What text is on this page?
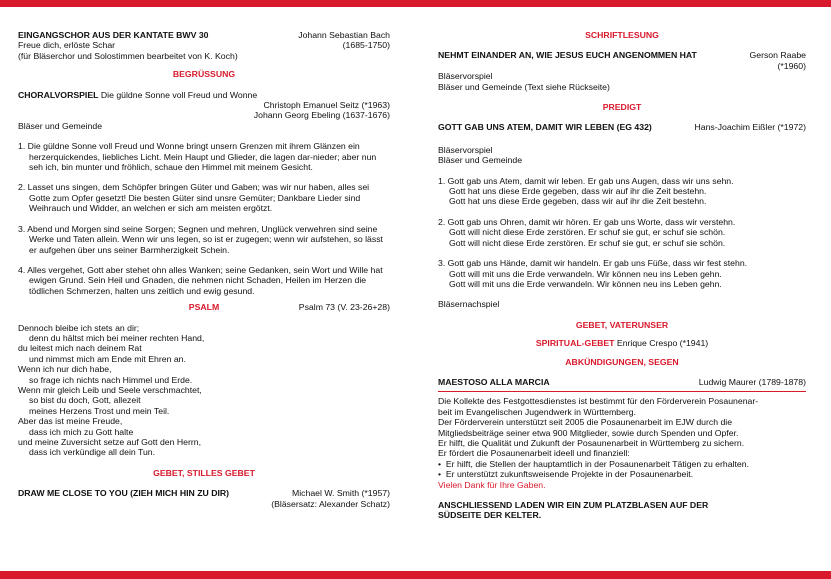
EINGANGSCHOR AUS DER KANTATE BWV 30	Johann Sebastian Bach
Freue dich, erlöste Schar	(1685-1750)
(für Bläserchor und Solostimmen bearbeitet von K. Koch)
BEGRÜSSUNG
CHORALVORSPIEL Die güldne Sonne voll Freud und Wonne
Christoph Emanuel Seitz (*1963)
Johann Georg Ebeling (1637-1676)
Bläser und Gemeinde
1. Die güldne Sonne voll Freud und Wonne bringt unsern Grenzen mit ihrem Glänzen ein herzerquickendes, liebliches Licht. Mein Haupt und Glieder, die lagen dar-nieder; aber nun seh ich, bin munter und fröhlich, schaue den Himmel mit meinem Gesicht.
2. Lasset uns singen, dem Schöpfer bringen Güter und Gaben; was wir nur haben, alles sei Gotte zum Opfer gesetzt! Die besten Güter sind unsre Gemüter; Dankbare Lieder sind Weihrauch und Widder, an welchen er sich am meisten ergötzt.
3. Abend und Morgen sind seine Sorgen; Segnen und mehren, Unglück verwehren sind seine Werke und Taten allein. Wenn wir uns legen, so ist er zugegen; wenn wir aufstehen, so lässt er aufgehen über uns seiner Barmherzigkeit Schein.
4. Alles vergehet, Gott aber stehet ohn alles Wanken; seine Gedanken, sein Wort und Wille hat ewigen Grund. Sein Heil und Gnaden, die nehmen nicht Schaden, Heilen im Herzen die tödlichen Schmerzen, halten uns zeitlich und ewig gesund.
PSALM	Psalm 73 (V. 23-26+28)
Dennoch bleibe ich stets an dir;
denn du hältst mich bei meiner rechten Hand,
du leitest mich nach deinem Rat
und nimmst mich am Ende mit Ehren an.
Wenn ich nur dich habe,
so frage ich nichts nach Himmel und Erde.
Wenn mir gleich Leib und Seele verschmachtet,
so bist du doch, Gott, allezeit
meines Herzens Trost und mein Teil.
Aber das ist meine Freude,
dass ich mich zu Gott halte
und meine Zuversicht setze auf Gott den Herrn,
dass ich verkündige all dein Tun.
GEBET, STILLES GEBET
DRAW ME CLOSE TO YOU (ZIEH MICH HIN ZU DIR)	Michael W. Smith (*1957)
(Bläsersatz: Alexander Schatz)
SCHRIFTLESUNG
NEHMT EINANDER AN, WIE JESUS EUCH ANGENOMMEN HAT	Gerson Raabe
(*1960)
Bläservorspiel
Bläser und Gemeinde (Text siehe Rückseite)
PREDIGT
GOTT GAB UNS ATEM, DAMIT WIR LEBEN (EG 432)	Hans-Joachim Eißler (*1972)
Bläservorspiel
Bläser und Gemeinde
1. Gott gab uns Atem, damit wir leben. Er gab uns Augen, dass wir uns sehn.
Gott hat uns diese Erde gegeben, dass wir auf ihr die Zeit bestehn.
Gott hat uns diese Erde gegeben, dass wir auf ihr die Zeit bestehn.
2. Gott gab uns Ohren, damit wir hören. Er gab uns Worte, dass wir verstehn.
Gott will nicht diese Erde zerstören. Er schuf sie gut, er schuf sie schön.
Gott will nicht diese Erde zerstören. Er schuf sie gut, er schuf sie schön.
3. Gott gab uns Hände, damit wir handeln. Er gab uns Füße, dass wir fest stehn.
Gott will mit uns die Erde verwandeln. Wir können neu ins Leben gehn.
Gott will mit uns die Erde verwandeln. Wir können neu ins Leben gehn.
Bläsernachspiel
GEBET, VATERUNSER
SPIRITUAL-GEBET Enrique Crespo (*1941)
ABKÜNDIGUNGEN, SEGEN
MAESTOSO ALLA MARCIA	Ludwig Maurer (1789-1878)
Die Kollekte des Festgottesdienstes ist bestimmt für den Förderverein Posaunenar-
beit im Evangelischen Jugendwerk in Württemberg.
Der Förderverein unterstützt seit 2005 die Posaunenarbeit im EJW durch die
Mitgliedsbeiträge seiner etwa 900 Mitglieder, sowie durch Spenden und Opfer.
Er hilft, die Qualität und Zukunft der Posaunenarbeit in Württemberg zu sichern.
Er fördert die Posaunenarbeit ideell und finanziell:
•  Er hilft, die Stellen der hauptamtlich in der Posaunenarbeit Tätigen zu erhalten.
•  Er unterstützt zukunftsweisende Projekte in der Posaunenarbeit.
Vielen Dank für Ihre Gaben.
ANSCHLIESSEND LADEN WIR EIN ZUM PLATZBLASEN AUF DER
SÜDSEITE DER KELTER.
